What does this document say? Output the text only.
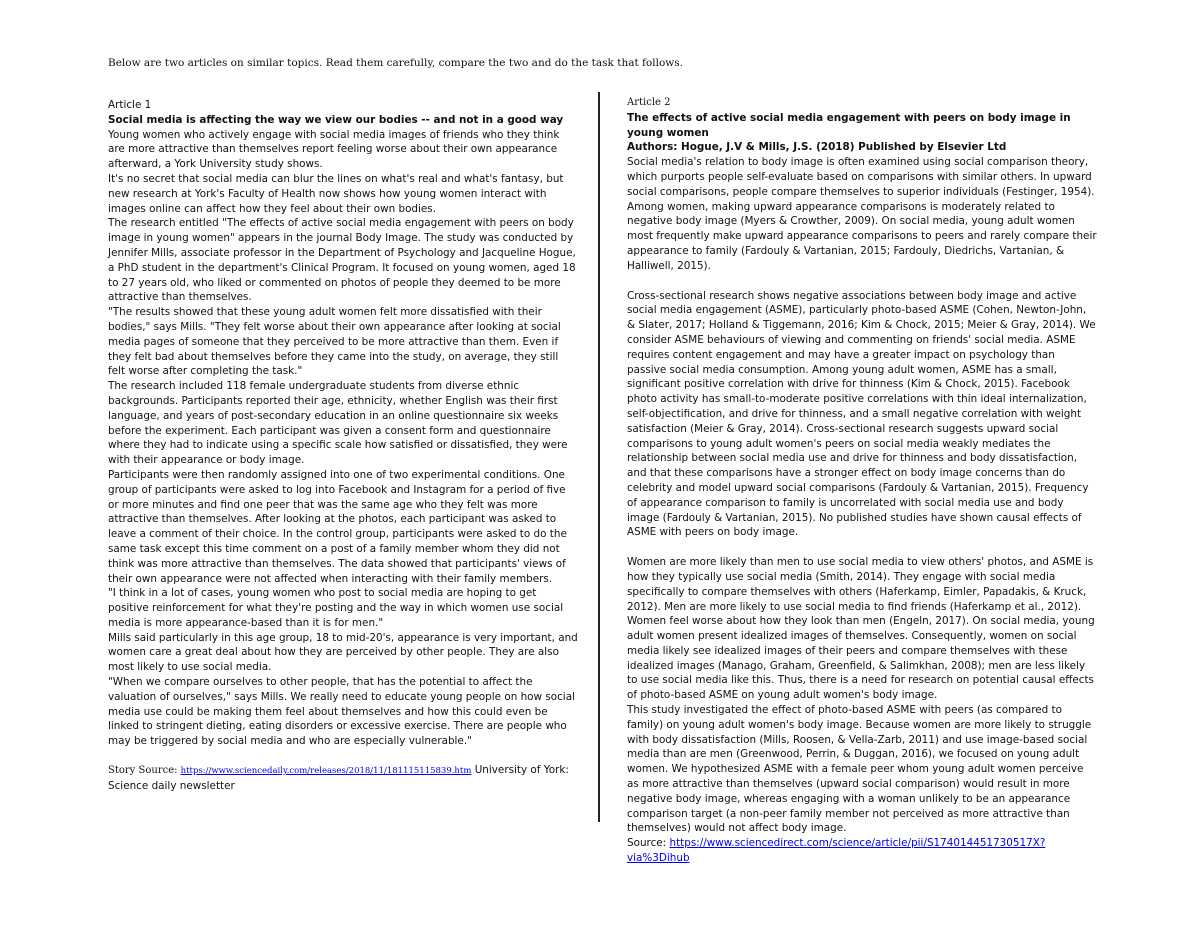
Below are two articles on similar topics. Read them carefully, compare the two and do the task that follows.

Article 1

Social media is affecting the way we view our bodies -- and not in a good way

Young women who actively engage with social media images of friends who they think are more attractive than themselves report feeling worse about their own appearance afterward, a York University study shows.

It's no secret that social media can blur the lines on what's real and what's fantasy, but new research at York's Faculty of Health now shows how young women interact with images online can affect how they feel about their own bodies.

The research entitled "The effects of active social media engagement with peers on body image in young women" appears in the journal Body Image. The study was conducted by Jennifer Mills, associate professor in the Department of Psychology and Jacqueline Hogue, a PhD student in the department's Clinical Program. It focused on young women, aged 18 to 27 years old, who liked or commented on photos of people they deemed to be more attractive than themselves.

"The results showed that these young adult women felt more dissatisfied with their bodies," says Mills. "They felt worse about their own appearance after looking at social media pages of someone that they perceived to be more attractive than them. Even if they felt bad about themselves before they came into the study, on average, they still felt worse after completing the task."

The research included 118 female undergraduate students from diverse ethnic backgrounds. Participants reported their age, ethnicity, whether English was their first language, and years of post-secondary education in an online questionnaire six weeks before the experiment. Each participant was given a consent form and questionnaire where they had to indicate using a specific scale how satisfied or dissatisfied, they were with their appearance or body image.

Participants were then randomly assigned into one of two experimental conditions. One group of participants were asked to log into Facebook and Instagram for a period of five or more minutes and find one peer that was the same age who they felt was more attractive than themselves. After looking at the photos, each participant was asked to leave a comment of their choice. In the control group, participants were asked to do the same task except this time comment on a post of a family member whom they did not think was more attractive than themselves. The data showed that participants' views of their own appearance were not affected when interacting with their family members.

"I think in a lot of cases, young women who post to social media are hoping to get positive reinforcement for what they're posting and the way in which women use social media is more appearance-based than it is for men."

Mills said particularly in this age group, 18 to mid-20's, appearance is very important, and women care a great deal about how they are perceived by other people. They are also most likely to use social media.

"When we compare ourselves to other people, that has the potential to affect the valuation of ourselves," says Mills. We really need to educate young people on how social media use could be making them feel about themselves and how this could even be linked to stringent dieting, eating disorders or excessive exercise. There are people who may be triggered by social media and who are especially vulnerable."

Story Source: https://www.sciencedaily.com/releases/2018/11/181115115839.htm University of York: Science daily newsletter

Article 2

The effects of active social media engagement with peers on body image in young women

Authors: Hogue, J.V & Mills, J.S. (2018) Published by Elsevier Ltd

Social media's relation to body image is often examined using social comparison theory, which purports people self-evaluate based on comparisons with similar others. In upward social comparisons, people compare themselves to superior individuals (Festinger, 1954). Among women, making upward appearance comparisons is moderately related to negative body image (Myers & Crowther, 2009). On social media, young adult women most frequently make upward appearance comparisons to peers and rarely compare their appearance to family (Fardouly & Vartanian, 2015; Fardouly, Diedrichs, Vartanian, & Halliwell, 2015).

Cross-sectional research shows negative associations between body image and active social media engagement (ASME), particularly photo-based ASME (Cohen, Newton-John, & Slater, 2017; Holland & Tiggemann, 2016; Kim & Chock, 2015; Meier & Gray, 2014). We consider ASME behaviours of viewing and commenting on friends' social media. ASME requires content engagement and may have a greater impact on psychology than passive social media consumption. Among young adult women, ASME has a small, significant positive correlation with drive for thinness (Kim & Chock, 2015). Facebook photo activity has small-to-moderate positive correlations with thin ideal internalization, self-objectification, and drive for thinness, and a small negative correlation with weight satisfaction (Meier & Gray, 2014). Cross-sectional research suggests upward social comparisons to young adult women's peers on social media weakly mediates the relationship between social media use and drive for thinness and body dissatisfaction, and that these comparisons have a stronger effect on body image concerns than do celebrity and model upward social comparisons (Fardouly & Vartanian, 2015). Frequency of appearance comparison to family is uncorrelated with social media use and body image (Fardouly & Vartanian, 2015). No published studies have shown causal effects of ASME with peers on body image.

Women are more likely than men to use social media to view others' photos, and ASME is how they typically use social media (Smith, 2014). They engage with social media specifically to compare themselves with others (Haferkamp, Eimler, Papadakis, & Kruck, 2012). Men are more likely to use social media to find friends (Haferkamp et al., 2012). Women feel worse about how they look than men (Engeln, 2017). On social media, young adult women present idealized images of themselves. Consequently, women on social media likely see idealized images of their peers and compare themselves with these idealized images (Manago, Graham, Greenfield, & Salimkhan, 2008); men are less likely to use social media like this. Thus, there is a need for research on potential causal effects of photo-based ASME on young adult women's body image.

This study investigated the effect of photo-based ASME with peers (as compared to family) on young adult women's body image. Because women are more likely to struggle with body dissatisfaction (Mills, Roosen, & Vella-Zarb, 2011) and use image-based social media than are men (Greenwood, Perrin, & Duggan, 2016), we focused on young adult women. We hypothesized ASME with a female peer whom young adult women perceive as more attractive than themselves (upward social comparison) would result in more negative body image, whereas engaging with a woman unlikely to be an appearance comparison target (a non-peer family member not perceived as more attractive than themselves) would not affect body image.

Source: https://www.sciencedirect.com/science/article/pii/S174014451730517X?via%3Dihub
